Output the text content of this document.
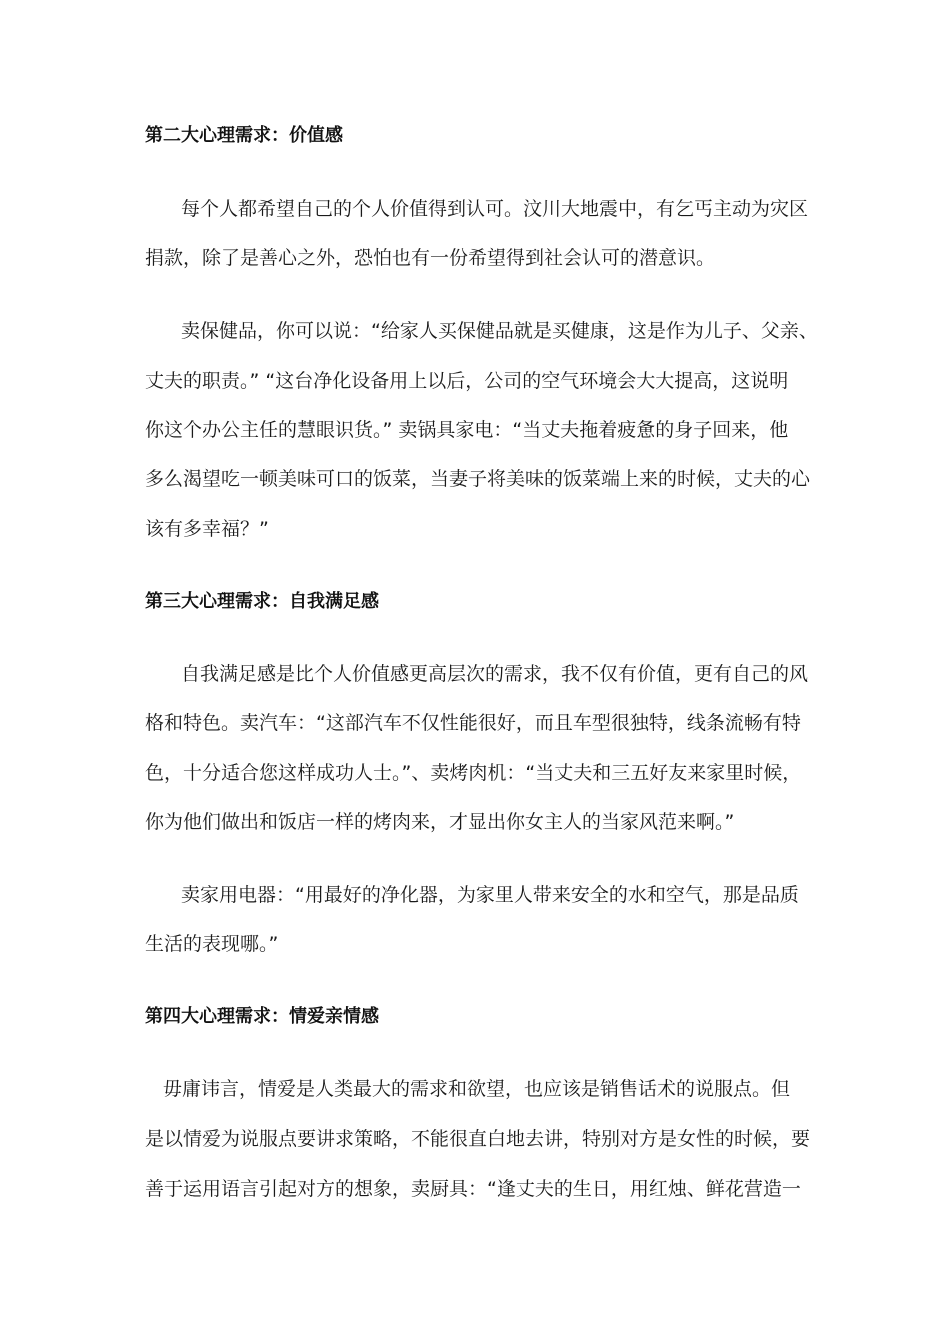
第二大心理需求：价值感
每个人都希望自己的个人价值得到认可。汶川大地震中，有乞丐主动为灾区
捐款，除了是善心之外，恐怕也有一份希望得到社会认可的潜意识。
卖保健品，你可以说：“给家人买保健品就是买健康，这是作为儿子、父亲、
丈夫的职责。” “这台净化设备用上以后，公司的空气环境会大大提高，这说明
你这个办公主任的慧眼识货。” 卖锅具家电：“当丈夫拖着疲惫的身子回来，他
多么渴望吃一顿美味可口的饭菜，当妻子将美味的饭菜端上来的时候，丈夫的心
该有多幸福？”
第三大心理需求：自我满足感
自我满足感是比个人价值感更高层次的需求，我不仅有价值，更有自己的风
格和特色。卖汽车：“这部汽车不仅性能很好，而且车型很独特，线条流畅有特
色，十分适合您这样成功人士。”、卖烤肉机：“当丈夫和三五好友来家里时候，
你为他们做出和饭店一样的烤肉来，才显出你女主人的当家风范来啊。”
卖家用电器：“用最好的净化器，为家里人带来安全的水和空气，那是品质
生活的表现哪。”
第四大心理需求：情爱亲情感
毋庸讳言，情爱是人类最大的需求和欲望，也应该是销售话术的说服点。但
是以情爱为说服点要讲求策略，不能很直白地去讲，特别对方是女性的时候，要
善于运用语言引起对方的想象，卖厨具：“逢丈夫的生日，用红烛、鲜花营造一
